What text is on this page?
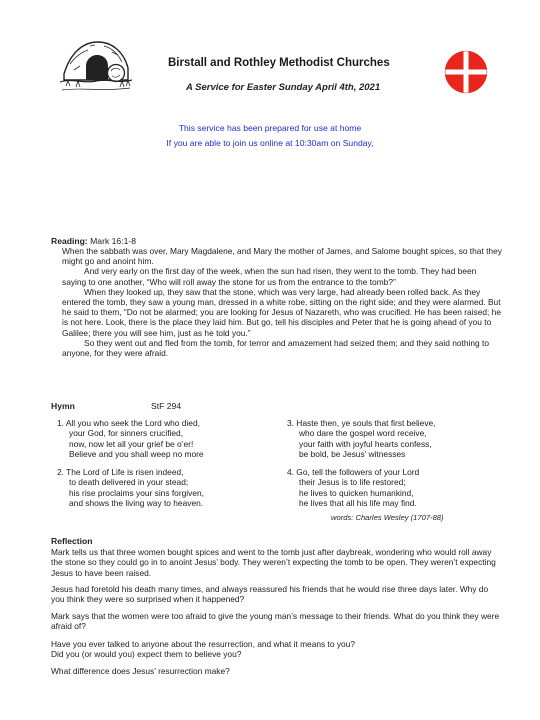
Birstall and Rothley Methodist Churches
A Service for Easter Sunday April 4th, 2021
This service has been prepared for use at home
If you are able to join us online at 10:30am on Sunday,
Reading: Mark 16:1-8

When the sabbath was over, Mary Magdalene, and Mary the mother of James, and Salome bought spices, so that they might go and anoint him.

And very early on the first day of the week, when the sun had risen, they went to the tomb. They had been saying to one another, “Who will roll away the stone for us from the entrance to the tomb?”

When they looked up, they saw that the stone, which was very large, had already been rolled back. As they entered the tomb, they saw a young man, dressed in a white robe, sitting on the right side; and they were alarmed. But he said to them, “Do not be alarmed; you are looking for Jesus of Nazareth, who was crucified. He has been raised; he is not here. Look, there is the place they laid him. But go, tell his disciples and Peter that he is going ahead of you to Galilee; there you will see him, just as he told you.”

So they went out and fled from the tomb, for terror and amazement had seized them; and they said nothing to anyone, for they were afraid.

Hymn	StF 294
1. All you who seek the Lord who died,
your God, for sinners crucified,
now, now let all your grief be o’er!
Believe and you shall weep no more
2. The Lord of Life is risen indeed,
to death delivered in your stead;
his rise proclaims your sins forgiven,
and shows the living way to heaven.
3. Haste then, ye souls that first believe,
who dare the gospel word receive,
your faith with joyful hearts confess,
be bold, be Jesus’ witnesses
4. Go, tell the followers of your Lord
their Jesus is to life restored;
he lives to quicken humankind,
he lives that all his life may find.
words: Charles Wesley (1707-88)
Reflection

Mark tells us that three women bought spices and went to the tomb just after daybreak, wondering who would roll away the stone so they could go in to anoint Jesus’ body. They weren’t expecting the tomb to be open. They weren’t expecting Jesus to have been raised.

Jesus had foretold his death many times, and always reassured his friends that he would rise three days later. Why do you think they were so surprised when it happened?

Mark says that the women were too afraid to give the young man’s message to their friends. What do you think they were afraid of?

Have you ever talked to anyone about the resurrection, and what it means to you?

Did you (or would you) expect them to believe you?

What difference does Jesus’ resurrection make?
